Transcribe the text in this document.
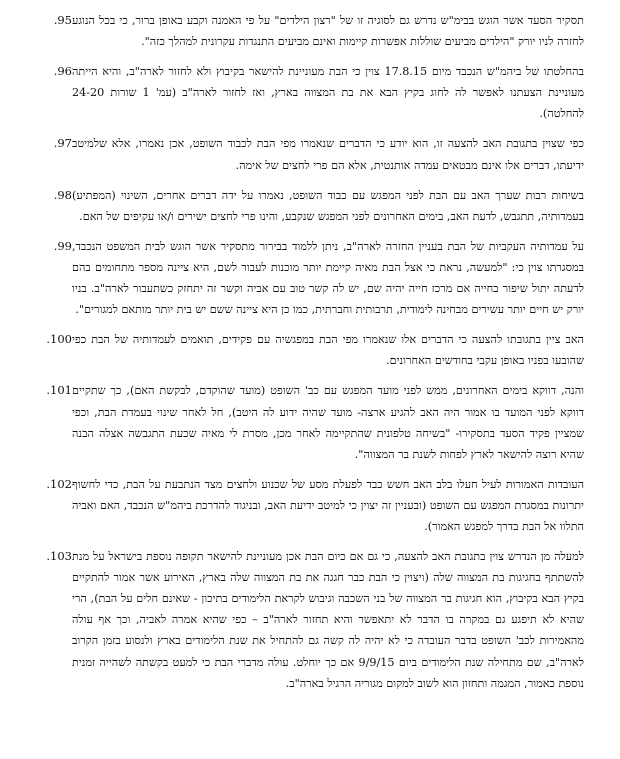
תסקיר הסעד אשר הוגש בבימ"ש נדרש גם לסוגיה זו של "רצון הילדים" על פי האמנה וקבע באופן ברור, כי בכל הנוגע לחזרה לניו יורק "הילדים מביעים שוללות אפשרות קיימות ואינם מביעים התנגדות עקרונית למהלך כזה".
.95
בהחלטתו של ביהמ"ש הנכבד מיום 17.8.15 צוין כי הבת מעוניינת להישאר בקיבוץ ולא לחזור לארה"ב, והיא הייתה מעוניינת הצעתנו לאפשר לה לחוג בקיץ הבא את בת המצווה בארץ, ואז לחזור לארה"ב (עמ' 1 שורות 24-20 להחלטה).
.96
כפי שצוין בתגובת האב להצעה זו, הוא יודע כי הדברים שנאמרו מפי הבת לכבוד השופט, אכן נאמרו, אלא שלמיטב ידיעתו, דברים אלו אינם מבטאים עמדה אותנטית, אלא הם פרי לחצים של אימה.
.97
בשיחות רבות שערך האב עם הבת לפני המפגש עם כבוד השופט, נאמרו על ידה דברים אחרים, השינוי (המפתיע) בעמדותיה, תתגבש, לדעת האב, בימים האחרונים לפני המפגש שנקבע, והינו פרי לחצים ישירים ו/או עקיפים של האם.
.98
על עמדותיה העקביות של הבת בעניין החזרה לארה"ב, ניתן ללמוד בבירור מתסקיר אשר הוגש לבית המשפט הנכבד, במסגרתו צוין כי: "למעשה, נראת כי אצל הבת מאיה קיימת יותר מוכנות לעבור לשם, היא ציינה מספר מתחומים בהם לדעתה יתול שיפור בחייה אם מרכז חייה יהיה שם, יש לה קשר טוב עם אביה וקשר זה יתחזק כשתעבור לארה"ב. בניו יורק יש חיים יותר עשירים מבחינה לימודית, תרבותית וחברתית, כמו כן היא ציינה ששם יש בית יותר מותאם למגורים".
.99
האב ציין בתגובתו להצעה כי הדברים אלו שנאמרו מפי הבת במפגשיה עם פקידים, תואמים לעמדותיה של הבת כפי שהובעו בפניו באופן עקבי בחודשים האחרונים.
.100
והנה, דווקא בימים האחרונים, ממש לפני מועד המפגש עם כב' השופט (מועד שהוקדם, לבקשת האם), כך שתקיים דווקא לפני המועד בו אמור היה האב להגיע ארצה- מועד שהיה ידוע לה היטב), חל לאחר שינוי בעמדת הבת, וכפי שמציין פקיד הסעד בתסקירו- "בשיחה טלפונית שהתקיימה לאחר מכן, מסרת לי מאיה שכעת התגבשה אצלה הבנה שהיא רוצה להישאר לארץ לפחות לשנת בר המצווה".
.101
העובדות האמורות לעיל חעלו בלב האב חשש כבד לפעלת מסע של שכנוע ולחצים מצד הנתבעת על הבת, כדי לחשוף יתרונות במסגרת המפגש עם השופט (ובעניין זה יצוין כי למיטב ידיעת האב, ובניגוד להדרכת ביהמ"ש הנכבד, האם ואביה התלוו אל הבת בדרך למפגש האמור).
.102
למעלה מן הנדרש צוין בתגובת האב להצעה, כי גם אם כיום הבת אכן מעוניינת להישאר תקופה נוספת בישראל על מנת להשתתף בחגיגות בת המצווה שלה (ויצוין כי הבת כבר חגגה את בת המצווה שלה בארץ, האירוע אשר אמור להתקיים בקיץ הבא בקיבוץ, הוא חגיגות בר המצווה של בני השכבה וגיבוש לקראת הלימודים בתיכון - שאינם חלים על הבת), הרי שהיא לא תיפגע גם במקרה בו הדבר לא יתאפשר והיא תחזור לארה"ב – כפי שהיא אמרה לאביה, וכך אף עולה מהאמירות לכב' השופט בדבר העובדה כי לא יהיה לה קשה גם להתחיל את שנת הלימודים בארץ ולנסוע בזמן הקרוב לארה"ב, שם מתחילה שנת הלימודים ביום 9/9/15 אם כך יוחלט. עולה מדברי הבת כי למעט בקשתה לשהייה זמנית נוספת כאמור, המגמה ותחזון הוא לשוב למקום מגוריה הרגיל בארה"ב.
.103
